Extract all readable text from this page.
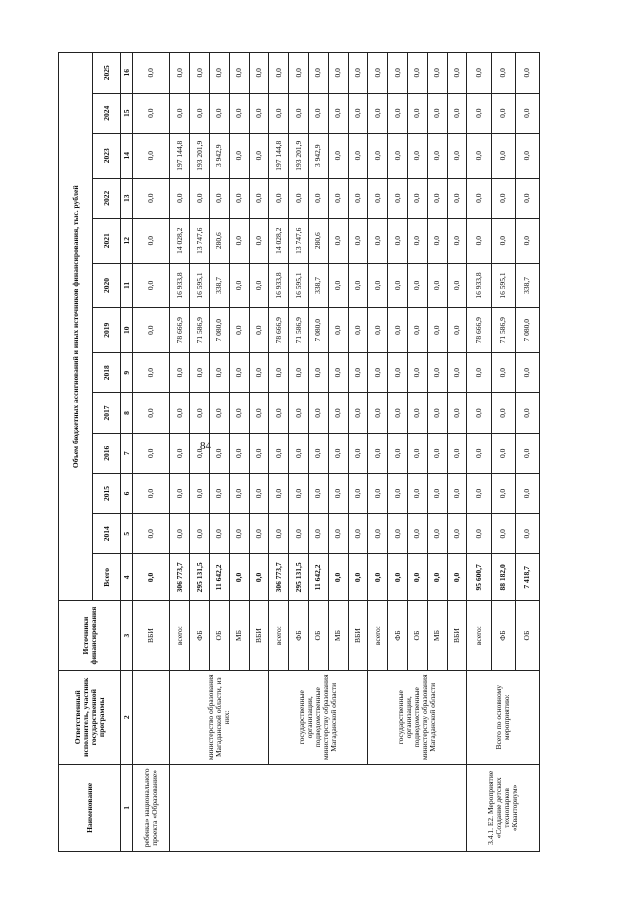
84
Наименование	Ответственный исполнитель, участник государственной программы	Источники финансирования	Объем бюджетных ассигнований и иных источников финансирования, тыс. рублей												
			Всего	2014	2015	2016	2017	2018	2019	2020	2021	2022	2023	2024	2025
1	2	3	4	5	6	7	8	9	10	11	12	13	14	15	16
ребенка» национального проекта «Образование»		ВБИ	0,0	0,0	0,0	0,0	0,0	0,0	0,0	0,0	0,0	0,0	0,0	0,0	0,0
	министерство образования Магаданской области, из них:	всего:	306 773,7	0,0	0,0	0,0	0,0	0,0	78 666,9	16 933,8	14 028,2	0,0	197 144,8	0,0	0,0
		ФБ	295 131,5	0,0	0,0	0,0	0,0	0,0	71 586,9	16 595,1	13 747,6	0,0	193 201,9	0,0	0,0
		ОБ	11 642,2	0,0	0,0	0,0	0,0	0,0	7 080,0	338,7	280,6	0,0	3 942,9	0,0	0,0
		МБ	0,0	0,0	0,0	0,0	0,0	0,0	0,0	0,0	0,0	0,0	0,0	0,0	0,0
		ВБИ	0,0	0,0	0,0	0,0	0,0	0,0	0,0	0,0	0,0	0,0	0,0	0,0	0,0
	государственные организации, подведомственные министерству образования Магаданской области	всего:	306 773,7	0,0	0,0	0,0	0,0	0,0	78 666,9	16 933,8	14 028,2	0,0	197 144,8	0,0	0,0
		ФБ	295 131,5	0,0	0,0	0,0	0,0	0,0	71 586,9	16 595,1	13 747,6	0,0	193 201,9	0,0	0,0
		ОБ	11 642,2	0,0	0,0	0,0	0,0	0,0	7 080,0	338,7	280,6	0,0	3 942,9	0,0	0,0
		МБ	0,0	0,0	0,0	0,0	0,0	0,0	0,0	0,0	0,0	0,0	0,0	0,0	0,0
		ВБИ	0,0	0,0	0,0	0,0	0,0	0,0	0,0	0,0	0,0	0,0	0,0	0,0	0,0
	государственные организации, подведомственные министерству образования Магаданской области	всего:	0,0	0,0	0,0	0,0	0,0	0,0	0,0	0,0	0,0	0,0	0,0	0,0	0,0
		ФБ	0,0	0,0	0,0	0,0	0,0	0,0	0,0	0,0	0,0	0,0	0,0	0,0	0,0
		ОБ	0,0	0,0	0,0	0,0	0,0	0,0	0,0	0,0	0,0	0,0	0,0	0,0	0,0
		МБ	0,0	0,0	0,0	0,0	0,0	0,0	0,0	0,0	0,0	0,0	0,0	0,0	0,0
		ВБИ	0,0	0,0	0,0	0,0	0,0	0,0	0,0	0,0	0,0	0,0	0,0	0,0	0,0
3.4.1. E2. Мероприятие «Создание детских технопарков «Кванториум»	Всего по основному мероприятию:	всего:	95 600,7	0,0	0,0	0,0	0,0	0,0	78 666,9	16 933,8	0,0	0,0	0,0	0,0	0,0
		ФБ	88 182,0	0,0	0,0	0,0	0,0	0,0	71 586,9	16 595,1	0,0	0,0	0,0	0,0	0,0
		ОБ	7 418,7	0,0	0,0	0,0	0,0	0,0	7 080,0	338,7	0,0	0,0	0,0	0,0	0,0
